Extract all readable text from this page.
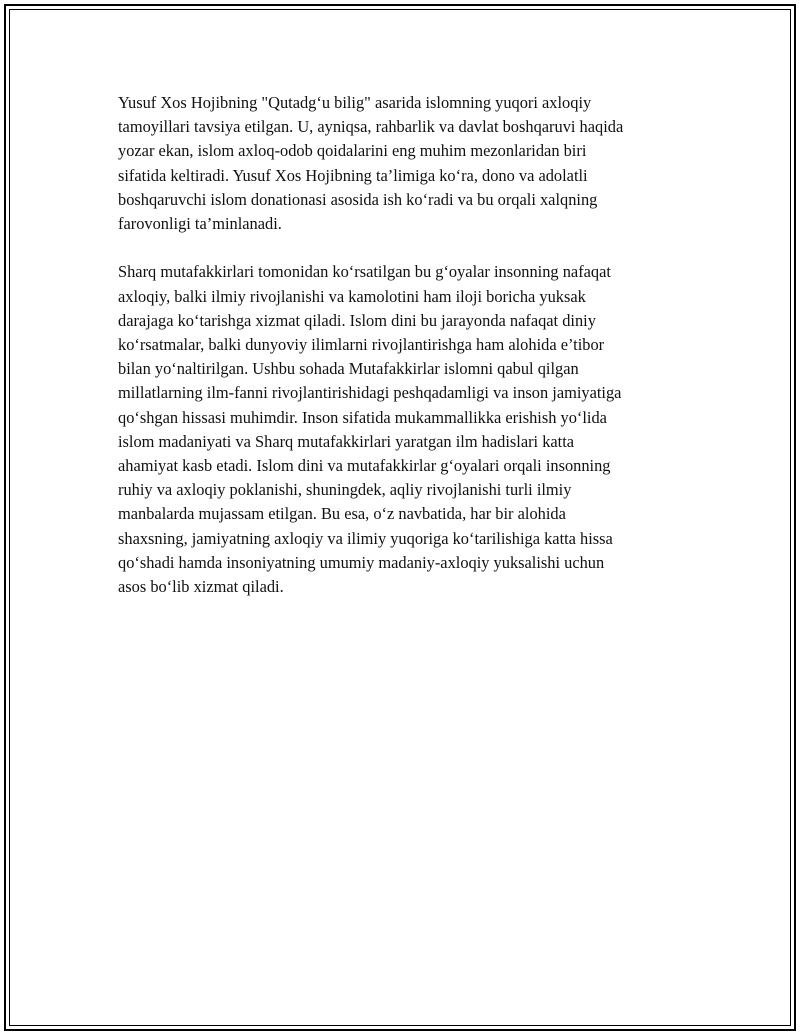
Yusuf Xos Hojibning "Qutadg‘u bilig" asarida islomning yuqori axloqiy
tamoyillari tavsiya etilgan. U, ayniqsa, rahbarlik va davlat boshqaruvi haqida
yozar ekan, islom axloq-odob qoidalarini eng muhim mezonlaridan biri
sifatida keltiradi. Yusuf Xos Hojibning ta’limiga ko‘ra, dono va adolatli
boshqaruvchi islom donationasi asosida ish ko‘radi va bu orqali xalqning
farovonligi ta’minlanadi.

Sharq mutafakkirlari tomonidan ko‘rsatilgan bu g‘oyalar insonning nafaqat
axloqiy, balki ilmiy rivojlanishi va kamolotini ham iloji boricha yuksak
darajaga ko‘tarishga xizmat qiladi. Islom dini bu jarayonda nafaqat diniy
ko‘rsatmalar, balki dunyoviy ilimlarni rivojlantirishga ham alohida e’tibor
bilan yo‘naltirilgan. Ushbu sohada Mutafakkirlar islomni qabul qilgan
millatlarning ilm-fanni rivojlantirishidagi peshqadamligi va inson jamiyatiga
qo‘shgan hissasi muhimdir. Inson sifatida mukammallikka erishish yo‘lida
islom madaniyati va Sharq mutafakkirlari yaratgan ilm hadislari katta
ahamiyat kasb etadi. Islom dini va mutafakkirlar g‘oyalari orqali insonning
ruhiy va axloqiy poklanishi, shuningdek, aqliy rivojlanishi turli ilmiy
manbalarda mujassam etilgan. Bu esa, o‘z navbatida, har bir alohida
shaxsning, jamiyatning axloqiy va ilimiy yuqoriga ko‘tarilishiga katta hissa
qo‘shadi hamda insoniyatning umumiy madaniy-axloqiy yuksalishi uchun
asos bo‘lib xizmat qiladi.
